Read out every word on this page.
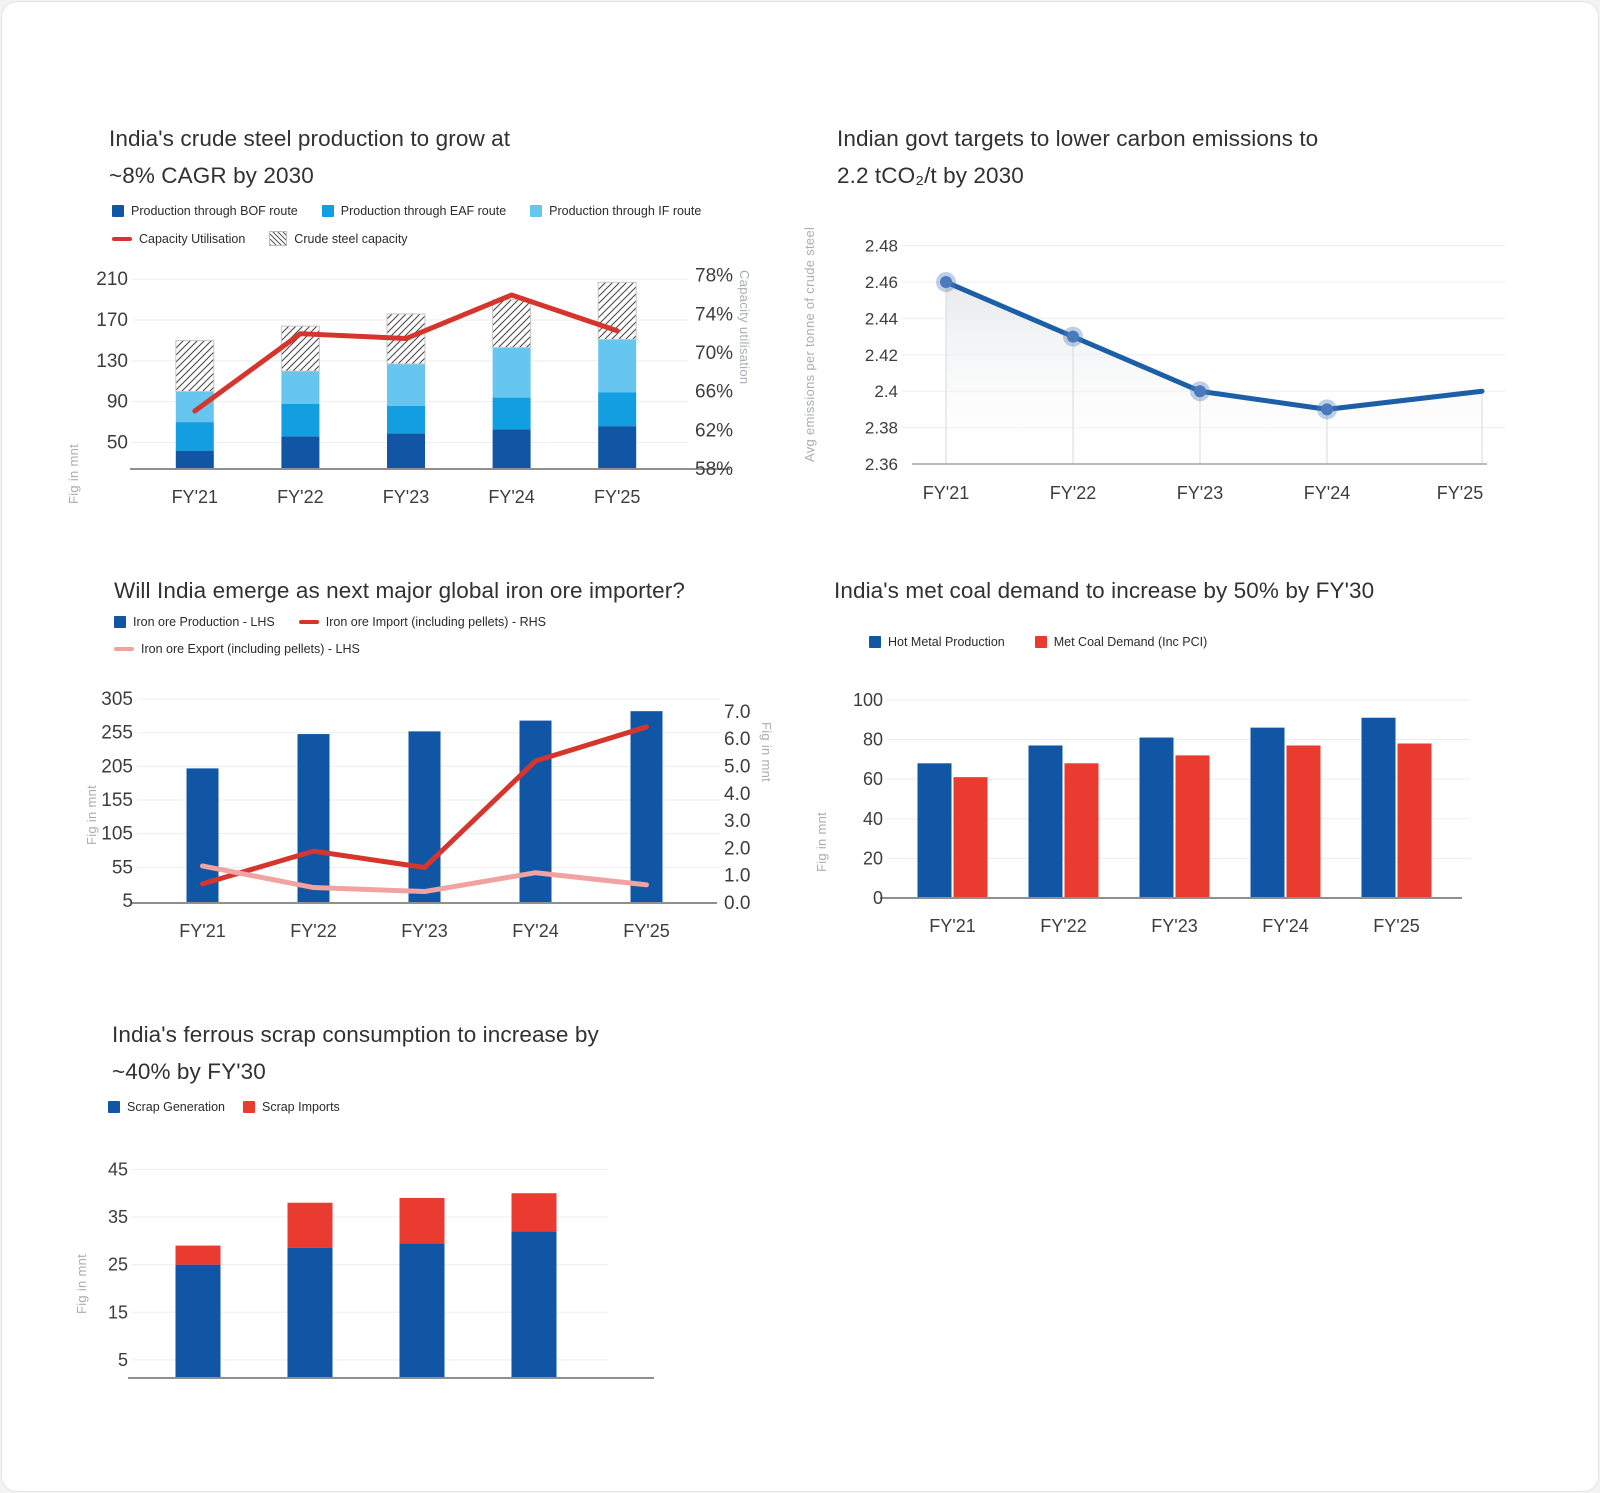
India's crude steel production to grow at
~8% CAGR by 2030
Production through BOF route	Production through EAF route	Production through IF route
Capacity Utilisation	Crude steel capacity
Fig in mnt
Capacity utilisation
50
90
130
170
210
58%
62%
66%
70%
74%
78%
FY'21	FY'22	FY'23	FY'24	FY'25
Indian govt targets to lower carbon emissions to
2.2 tCO₂/t by 2030
Avg emissions per tonne of crude steel
2.36
2.38
2.4
2.42
2.44
2.46
2.48
FY'21	FY'22	FY'23	FY'24	FY'25
Will India emerge as next major global iron ore importer?
Iron ore Production - LHS	Iron ore Import (including pellets) - RHS
Iron ore Export (including pellets) - LHS
Fig in mnt
Fig in mnt
5
55
105
155
205
255
305
0.0
1.0
2.0
3.0
4.0
5.0
6.0
7.0
FY'21	FY'22	FY'23	FY'24	FY'25
India's met coal demand to increase by 50% by FY'30
Hot Metal Production	Met Coal Demand (Inc PCI)
Fig in mnt
0
20
40
60
80
100
FY'21	FY'22	FY'23	FY'24	FY'25
India's ferrous scrap consumption to increase by
~40% by FY'30
Scrap Generation	Scrap Imports
Fig in mnt
5
15
25
35
45
